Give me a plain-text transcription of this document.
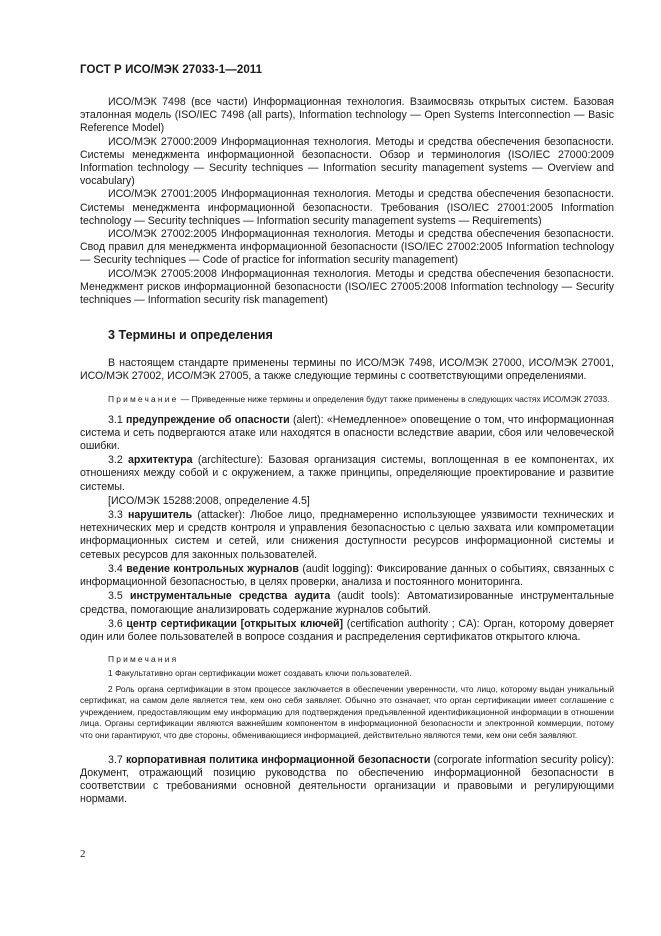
ГОСТ Р ИСО/МЭК 27033-1—2011

ИСО/МЭК 7498 (все части) Информационная технология. Взаимосвязь открытых систем. Базовая эталонная модель (ISO/IEC 7498 (all parts), Information technology — Open Systems Interconnection — Basic Reference Model)

ИСО/МЭК 27000:2009 Информационная технология. Методы и средства обеспечения безопасности. Системы менеджмента информационной безопасности. Обзор и терминология (ISO/IEC 27000:2009 Information technology — Security techniques — Information security management systems — Overview and vocabulary)

ИСО/МЭК 27001:2005 Информационная технология. Методы и средства обеспечения безопасности. Системы менеджмента информационной безопасности. Требования (ISO/IEC 27001:2005 Information technology — Security techniques — Information security management systems — Requirements)

ИСО/МЭК 27002:2005 Информационная технология. Методы и средства обеспечения безопасности. Свод правил для менеджмента информационной безопасности (ISO/IEC 27002:2005 Information technology — Security techniques — Code of practice for information security management)

ИСО/МЭК 27005:2008 Информационная технология. Методы и средства обеспечения безопасности. Менеджмент рисков информационной безопасности (ISO/IEC 27005:2008 Information technology — Security techniques — Information security risk management)

3 Термины и определения

В настоящем стандарте применены термины по ИСО/МЭК 7498, ИСО/МЭК 27000, ИСО/МЭК 27001, ИСО/МЭК 27002, ИСО/МЭК 27005, а также следующие термины с соответствующими определениями.

Примечание — Приведенные ниже термины и определения будут также применены в следующих частях ИСО/МЭК 27033.

3.1 предупреждение об опасности (alert): «Немедленное» оповещение о том, что информационная система и сеть подвергаются атаке или находятся в опасности вследствие аварии, сбоя или человеческой ошибки.

3.2 архитектура (architecture): Базовая организация системы, воплощенная в ее компонентах, их отношениях между собой и с окружением, а также принципы, определяющие проектирование и развитие системы.

[ИСО/МЭК 15288:2008, определение 4.5]

3.3 нарушитель (attacker): Любое лицо, преднамеренно использующее уязвимости технических и нетехнических мер и средств контроля и управления безопасностью с целью захвата или компрометации информационных систем и сетей, или снижения доступности ресурсов информационной системы и сетевых ресурсов для законных пользователей.

3.4 ведение контрольных журналов (audit logging): Фиксирование данных о событиях, связанных с информационной безопасностью, в целях проверки, анализа и постоянного мониторинга.

3.5 инструментальные средства аудита (audit tools): Автоматизированные инструментальные средства, помогающие анализировать содержание журналов событий.

3.6 центр сертификации [открытых ключей] (certification authority ; CA): Орган, которому доверяет один или более пользователей в вопросе создания и распределения сертификатов открытого ключа.

Примечания

1 Факультативно орган сертификации может создавать ключи пользователей.

2 Роль органа сертификации в этом процессе заключается в обеспечении уверенности, что лицо, которому выдан уникальный сертификат, на самом деле является тем, кем оно себя заявляет. Обычно это означает, что орган сертификации имеет соглашение с учреждением, предоставляющим ему информацию для подтверждения предъявленной идентификационной информации в отношении лица. Органы сертификации являются важнейшим компонентом в информационной безопасности и электронной коммерции, потому что они гарантируют, что две стороны, обменивающиеся информацией, действительно являются теми, кем они себя заявляют.

3.7 корпоративная политика информационной безопасности (corporate information security policy): Документ, отражающий позицию руководства по обеспечению информационной безопасности в соответствии с требованиями основной деятельности организации и правовыми и регулирующими нормами.

2
